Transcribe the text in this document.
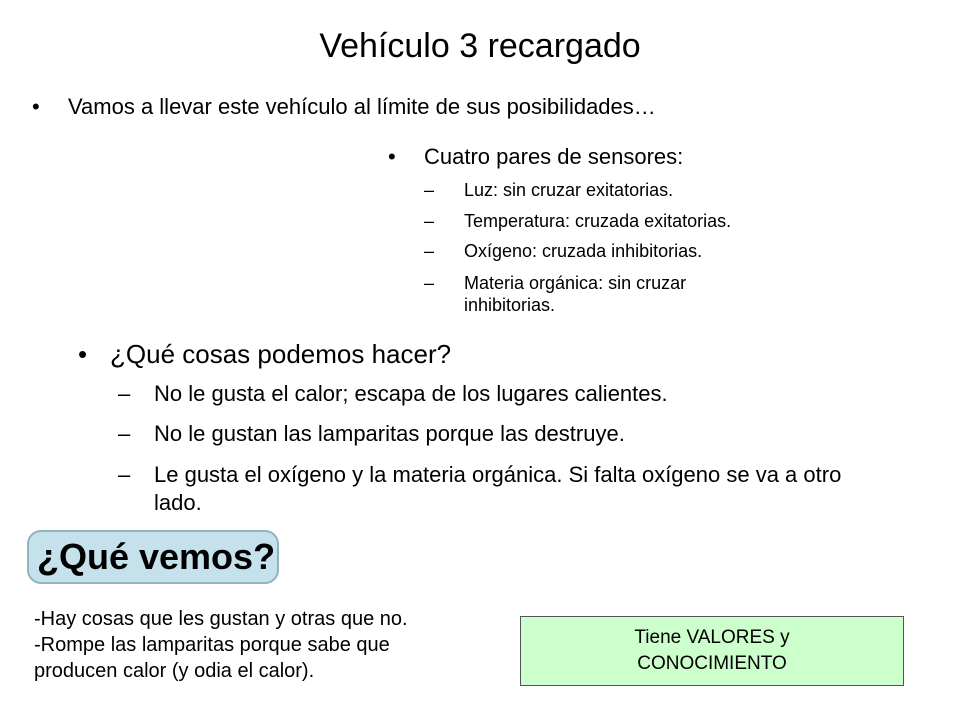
Vehículo 3 recargado
•	Vamos a llevar este vehículo al límite de sus posibilidades…
•	Cuatro pares de sensores:
–	Luz: sin cruzar exitatorias.
–	Temperatura: cruzada exitatorias.
–	Oxígeno: cruzada inhibitorias.
–	Materia orgánica: sin cruzar inhibitorias.
• ¿Qué cosas podemos hacer?
–	No le gusta el calor; escapa de los lugares calientes.
–	No le gustan las lamparitas porque las destruye.
–	Le gusta el oxígeno y la materia orgánica. Si falta oxígeno se va a otro lado.
¿Qué vemos?
-Hay cosas que les gustan y otras que no.
-Rompe las lamparitas porque sabe que
producen calor (y odia el calor).
Tiene VALORES y
CONOCIMIENTO
